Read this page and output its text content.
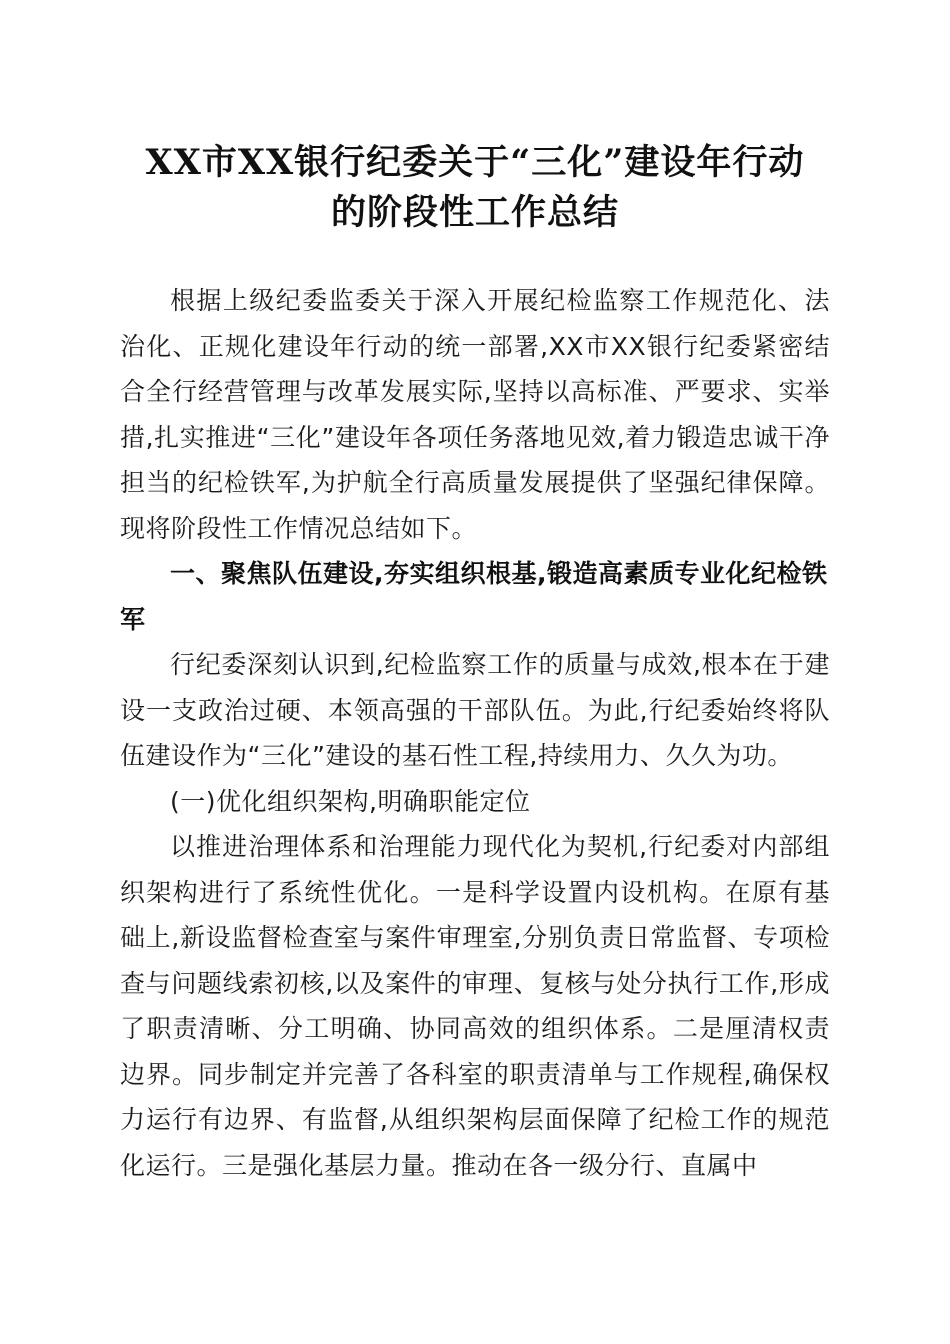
XX市XX银行纪委关于“三化”建设年行动
的阶段性工作总结

根据上级纪委监委关于深入开展纪检监察工作规范化、法治化、正规化建设年行动的统一部署,XX市XX银行纪委紧密结合全行经营管理与改革发展实际,坚持以高标准、严要求、实举措,扎实推进“三化”建设年各项任务落地见效,着力锻造忠诚干净担当的纪检铁军,为护航全行高质量发展提供了坚强纪律保障。现将阶段性工作情况总结如下。

一、聚焦队伍建设,夯实组织根基,锻造高素质专业化纪检铁军

行纪委深刻认识到,纪检监察工作的质量与成效,根本在于建设一支政治过硬、本领高强的干部队伍。为此,行纪委始终将队伍建设作为“三化”建设的基石性工程,持续用力、久久为功。

(一)优化组织架构,明确职能定位

以推进治理体系和治理能力现代化为契机,行纪委对内部组织架构进行了系统性优化。一是科学设置内设机构。在原有基础上,新设监督检查室与案件审理室,分别负责日常监督、专项检查与问题线索初核,以及案件的审理、复核与处分执行工作,形成了职责清晰、分工明确、协同高效的组织体系。二是厘清权责边界。同步制定并完善了各科室的职责清单与工作规程,确保权力运行有边界、有监督,从组织架构层面保障了纪检工作的规范化运行。三是强化基层力量。推动在各一级分行、直属中
